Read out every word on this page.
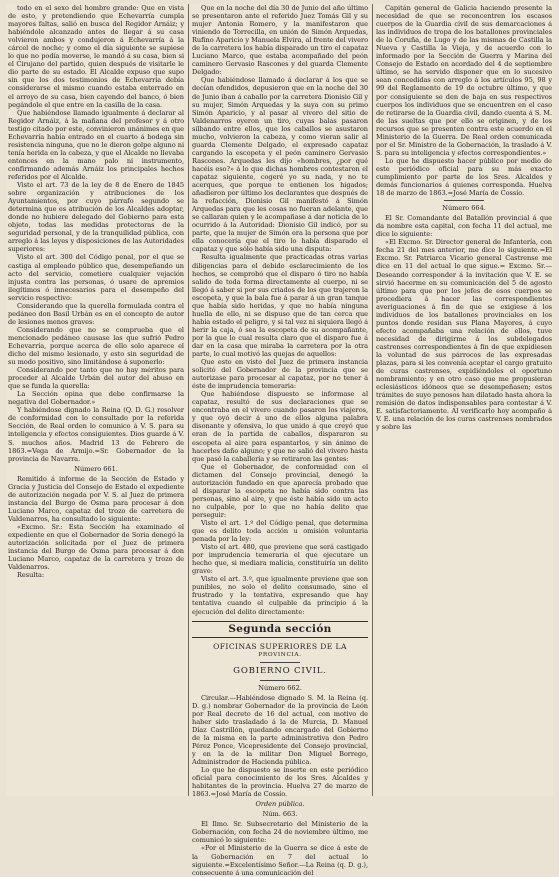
todo en el sexo del hombre grande: Que en vista de esto, y pretendiendo que Echevarría cumpla mayores faltas, salió en busca del Regidor Arnáiz; y habiéndole alcanzado antes de llegar á su casa volvieron ambos y condujeron á Echevarría á la cárcel de noche; y como el día siguiente se supiese lo que no podía moverse, le mandó á su casa, bien si el Cirujano del partido, quien después de visitarle le dio parte de su estado. El Alcalde expuso que supo sin que los dos testimonios de Echevarría debía considerarse el mismo cuando estaba enterrado en el arroyo de su casa, bien cayendo del banco, ó bien pegándole el que entre en la casilla de la casa.

Que habiéndose llamado igualmente á declarar al Regidor Arnáiz, á la mañana del profesor y á otro testigo citado por este, convinieron unánimes en que Echevarría había entrado en el cuarto á bodega sin resistencia ninguna, que no le dieron golpe alguno ni tenía herida en la cabeza, y que el Alcalde no llevaba entonces en la mano palo ni instrumento, confirmando además Arnáiz los principales hechos referidos por el Alcalde.

Visto el art. 73 de la ley de 8 de Enero de 1845 sobre organización y atribuciones de los Ayuntamientos, por cuyo párrafo segundo se determina que es atribución de los Alcaldes adoptar, donde no hubiere delegado del Gobierno para esta objeto, todas las medidas protectoras de la seguridad personal, y de la tranquilidad pública, con arreglo á las leyes y disposiciones de las Autoridades superiores:

Visto el art. 300 del Código penal, por el que se castiga al empleado público que, desempeñando un acto del servicio, cometiere cualquier vejación injusta contra las personas, ó usare de apremios ilegítimos ó innecesarios para el desempeño del servicio respectivo:

Considerando que la querella formulada contra el pedáneo don Basil Urbán es en el concepto de autor de lesiones menos graves:

Considerando que no se comprueba que el mencionado pedáneo causase las que sufrió Pedro Echevarría, porque acerca de ello solo aparece el dicho del mismo lesionado, y esto sin seguridad de su modo positivo, sino limitándose á suponerlo:

Considerando por tanto que no hay méritos para proceder al Alcalde Urbán del autor del abuso en que se funda la querella:

La Sección opina que debe confirmarse la negativa del Gobernador.»

Y habiéndose dignado la Reina (Q. D. G.) resolver de conformidad con lo consultado por la referida Sección, de Real orden lo comunico á V. S. para su inteligencia y efectos consiguientes. Dios guarde á V. S. muchos años. Madrid 13 de Febrero de 1863.=Vega de Armijo.=Sr. Gobernador de la provincia de Navarra.

Número 661.

Remitido á informe de la Sección de Estado y Gracia y Justicia del Consejo de Estado el expediente de autorización negada por V. S. al Juez de primera instancia del Burgo de Osma para procesar á don Luciano Marco, capataz del trozo de carretera de Valdenarros, ha consultado lo siguiente:

«Excmo. Sr.: Esta Sección ha examinado el expediente en que el Gobernador de Soria denegó la autorización solicitada por el Juez de primera instancia del Burgo de Osma para procesar á don Luciano Marco, capataz de la carretera y trozo de Valdenarros.

Resulta:

Que en la noche del día 30 de Junio del año último se presentaron ante el referido Juez Tomás Gil y su mujer Antonia Romero, y la manifestaron que viniendo de Torrecilla, en unión de Simón Arquedas, Rufino Aparicio y Manuela Elvira, al frente del vivero de la carretera los había disparado un tiro el capataz Luciano Marco, que estaba acompañado del peón caminero Gervasio Rascones y del guarda Clemente Delgado:

Que habiéndose llamado á declarar á los que se decían ofendidos, depusieron que en la noche del 30 de Junio iban á caballo por la carretera Dionisio Gil y su mujer, Simón Arquedas y la suya con su primo Simón Aparicio, y al pasar al vivero del sitio de Valdenarros oyeron un tiro, cuyas balas pasaron silbando entre ellos, que los caballos se asustaron mucho, volvieron la cabeza, y como vieran salir al guarda Clemente Delgado, el expresado capataz cargando la escopeta y el peón caminero Gervasio Rascones. Arquedas les dijo «hombres, ¿por qué hacéis eso?» á lo que dichas hombres contestaron el capataz siguiente, cogeré yo su nada, y no te acerques, que porque te entienen los higados; añadieron por último los declarantes que después de la refacción, Dionisio Gil manifestó á Simón Arquedas para que les cosas no fueran adelante, que se callaran quien y le acompañase á dar noticia de lo ocurrido á la Autoridad: Dionisio Gil indicó, por su parte, que la mujer de Simón era la persona que por ella conocería que el tiro lo había disparado el capataz y que sólo había sido una disputa:

Resulta igualmente que practicadas otras varias diligencias para el debido esclarecimiento de los hechos, se comprobó que el disparo ó tiro no había salido de toda forma directamente al cuerpo, ni se llegó á saber si por sus criados de los que trajeron la escopeta, y que la bala fue á parar á un gran tanque que había sido heridas, y que no había ninguna huella de ello, ni se dispuso que de tan cerca que había estado el peligro, y si tal vez ni siquiera llegó á herir la caja, ó sea la escopeta de su acompañante, por la que lo cual resulta claro que el disparo fue á dar en la casa que miraba la carretera por la otra parte, lo cual motivó las quejas de aquellos:

Que esto en visto del Juez de primera instancia solicitó del Gobernador de la provincia que se autorizase para procesar al capataz, por no tener á éste de imprudencia temeraria:

Que habiéndose dispuesto se informase al capataz, resultó de sus declaraciones que se encontraba en el vivero cuando pasaron los viajeros, y que oyó decir á uno de ellos alguna palabra disonante y ofensiva, lo que unido á que creyó que eran de la partida de caballos, dispararon su escopeta al aire para espantarlos, y sin ánimo de hacerles daño alguno; y que no salió del vivero hasta que pasó la caballería y se retiraron las gentes:

Que el Gobernador, de conformidad con el dictamen del Consejo provincial, denegó la autorización fundado en que aparecía probado que al disparar la escopeta no había sido contra las personas, sino al aire, y que éste había sido un acto no culpable, por lo que no había delito que perseguir:

Visto el art. 1.º del Código penal, que determina que es delito toda acción u omisión voluntaria penada por la ley:

Visto el art. 480, que previene que será castigado por imprudencia temeraria el que ejecutare un hecho que, si mediara malicia, constituiría un delito grave:

Visto el art. 3.º, que igualmente previene que son punibles, no solo el delito consumado, sino el frustrado y la tentativa, expresando que hay tentativa cuando el culpable da principio á la ejecución del delito directamente:

Segunda sección
OFICINAS SUPERIORES DE LA
PROVINCIA.
GOBIERNO CIVIL.

Número 662.

Circular.—Habiéndose dignado S. M. la Reina (q. D. g.) nombrar Gobernador de la provincia de León por Real decreto de 16 del actual, con motivo de haber sido trasladado á la de Murcia, D. Manuel Díaz Castrillón, quedando encargado del Gobierno de la misma en la parte administrativa don Pedro Pérez Ponce, Vicepresidente del Consejo provincial, y en la de la militar Don Miguel Borrego, Administrador de Hacienda pública.

Lo que he dispuesto se inserte en este periódico oficial para conocimiento de los Sres. Alcaldes y habitantes de la provincia. Huelva 27 de marzo de 1863.=José María de Cossío.

Orden pública.

Núm. 663.

El Ilmo. Sr. Subsecretario del Ministerio de la Gobernación, con fecha 24 de noviembre último, me comunicó lo siguiente:

«Por el Ministerio de la Guerra se dice á este de la Gobernación en 7 del actual lo siguiente.=Excelentísimo Señor.—La Reina (q. D. g.), consecuente á una comunicación del

Capitán general de Galicia haciendo presente la necesidad de que se reconcentren los escasos cuerpos de la Guardia civil de sus demarcaciones á las individuos de tropa de los batallones provinciales de la Coruña, de Lugo y de las mismas de Castilla la Nueva y Castilla la Vieja, y de acuerdo con lo informado por la Sección de Guerra y Marina del Consejo de Estado en acordado del 4 de septiembre último, se ha servido disponer que en lo sucesivo sean concedidas con arreglo á los artículos 95, 98 y 99 del Reglamento de 19 de octubre último, y que por consiguiente se den de baja en sus respectivos cuerpos los individuos que se encuentren en el caso de retirarse de la Guardia civil, dando cuenta á S. M. de las sueltas que por ello se originen, y de los recursos que se presenten contra este acuerdo en el Ministerio de la Guerra. De Real orden comunicada por el Sr. Ministro de la Gobernación, la traslado á V. S. para su inteligencia y efectos correspondientes.»

Lo que he dispuesto hacer público por medio de este periódico oficial para su más exacto cumplimiento por parte de los Sres. Alcaldes y demás funcionarios á quienes corresponda. Huelva 18 de marzo de 1863.=José María de Cossío.

Número 664.

El Sr. Comandante del Batallón provincial á que da nombre esta capital, con fecha 11 del actual, me dice lo siguiente:

«El Excmo. Sr. Director general de Infantería, con fecha 21 del mes anterior, me dice lo siguiente.=El Excmo. Sr. Patriarca Vicario general Castrense me dice en 11 del actual lo que sigue.= Excmo. Sr.—Deseando corresponder á la invitación que V. E. se sirvió hacerme en su comunicación del 5 de agosto último para que por los jefes de esos cuerpos se procediera á hacer las correspondientes averiguaciones á fin de que se exigiese á los individuos de los batallones provinciales en los puntos donde residan sus Plana Mayores, á cuyo efecto acompañaba una relación de ellos, tuve necesidad de dirigirme á los subdelegados castrenses correspondientes á fin de que expidiesen la voluntad de sus párrocos de las expresadas plazas, para si les convenía aceptar el cargo gratuito de curas castrenses, expidiéndoles el oportuno nombramiento; y en otro caso que me propusieran eclesiásticos idóneos que se desempeñasen; estos trámites de suyo penosos han dilatado hasta ahora la remisión de datos indispensables para contestar á V. E. satisfactoriamente. Al verificarlo hoy acompaño á V. E. una relación de los curas castrenses nombrados y sobre las
